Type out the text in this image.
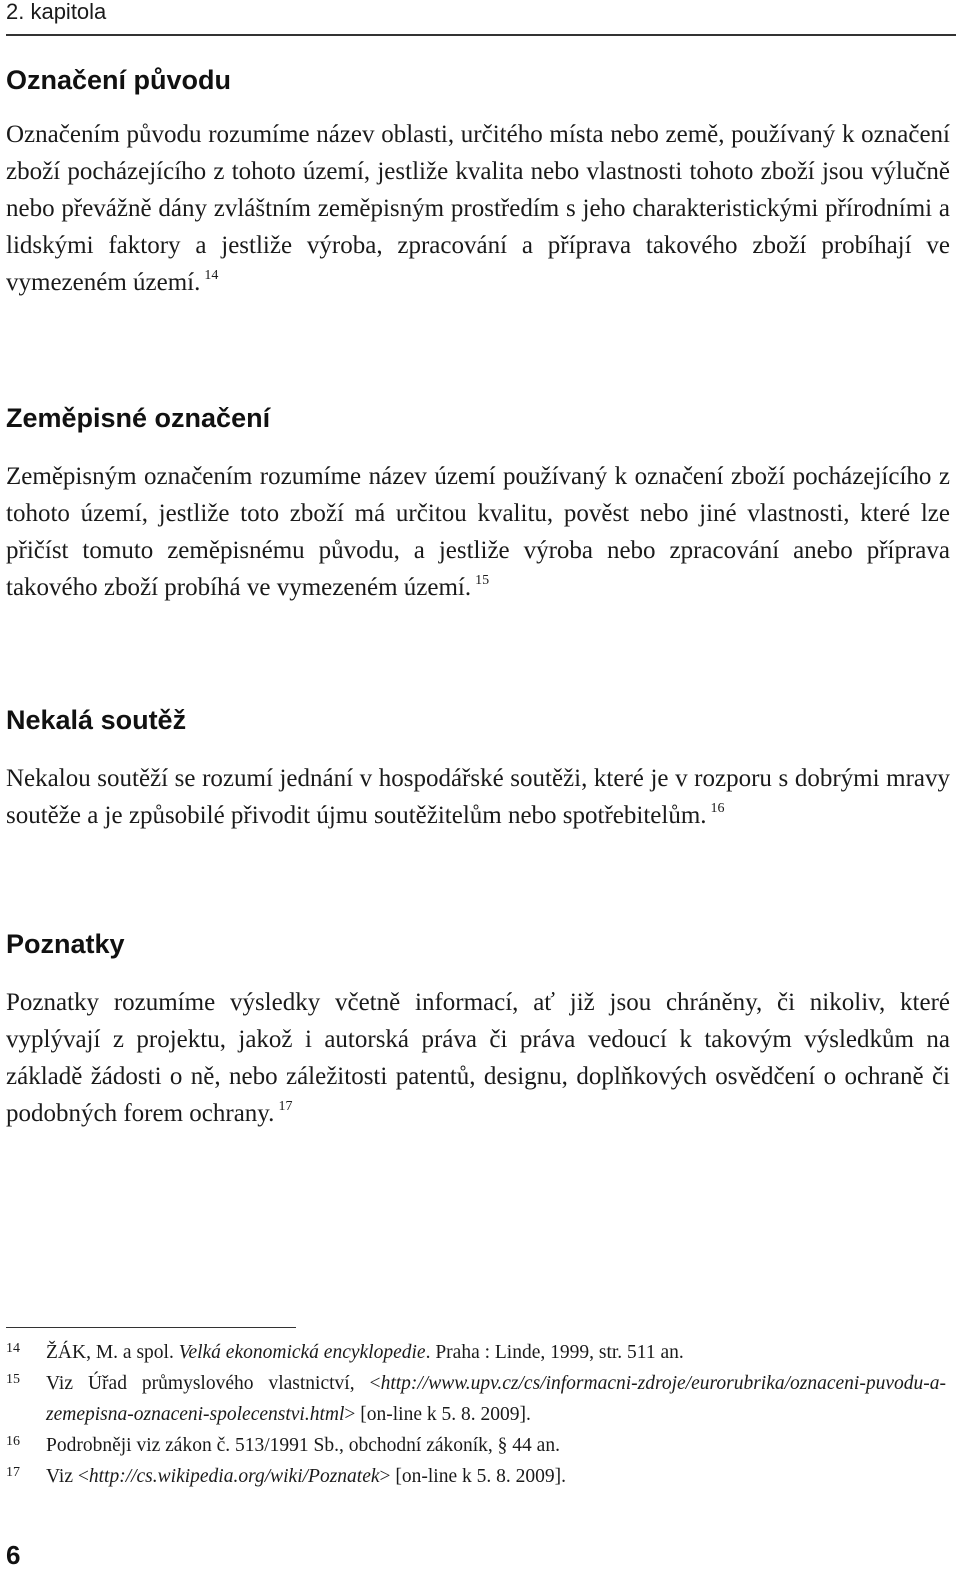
2. kapitola
Označení původu

Označením původu rozumíme název oblasti, určitého místa nebo země, používaný k označení zboží pocházejícího z tohoto území, jestliže kvalita nebo vlastnosti tohoto zboží jsou výlučně nebo převážně dány zvláštním zeměpisným prostředím s jeho charakteristickými přírodními a lidskými faktory a jestliže výroba, zpracování a příprava takového zboží probíhají ve vymezeném území. $^{14}$

Zeměpisné označení

Zeměpisným označením rozumíme název území používaný k označení zboží pocházejícího z tohoto území, jestliže toto zboží má určitou kvalitu, pověst nebo jiné vlastnosti, které lze přičíst tomuto zeměpisnému původu, a jestliže výroba nebo zpracování anebo příprava takového zboží probíhá ve vymezeném území. $^{15}$

Nekalá soutěž

Nekalou soutěží se rozumí jednání v hospodářské soutěži, které je v rozporu s dobrými mravy soutěže a je způsobilé přivodit újmu soutěžitelům nebo spotřebitelům. $^{16}$

Poznatky

Poznatky rozumíme výsledky včetně informací, ať již jsou chráněny, či nikoliv, které vyplývají z projektu, jakož i autorská práva či práva vedoucí k takovým výsledkům na základě žádosti o ně, nebo záležitosti patentů, designu, doplňkových osvědčení o ochraně či podobných forem ochrany. $^{17}$

14 ŽÁK, M. a spol. Velká ekonomická encyklopedie. Praha : Linde, 1999, str. 511 an.
15 Viz Úřad průmyslového vlastnictví, <http://www.upv.cz/cs/informacni-zdroje/eurorubrika/oznaceni-puvodu-a-zemepisna-oznaceni-spolecenstvi.html> [on-line k 5. 8. 2009].
16 Podrobněji viz zákon č. 513/1991 Sb., obchodní zákoník, § 44 an.
17 Viz <http://cs.wikipedia.org/wiki/Poznatek> [on-line k 5. 8. 2009].
6
